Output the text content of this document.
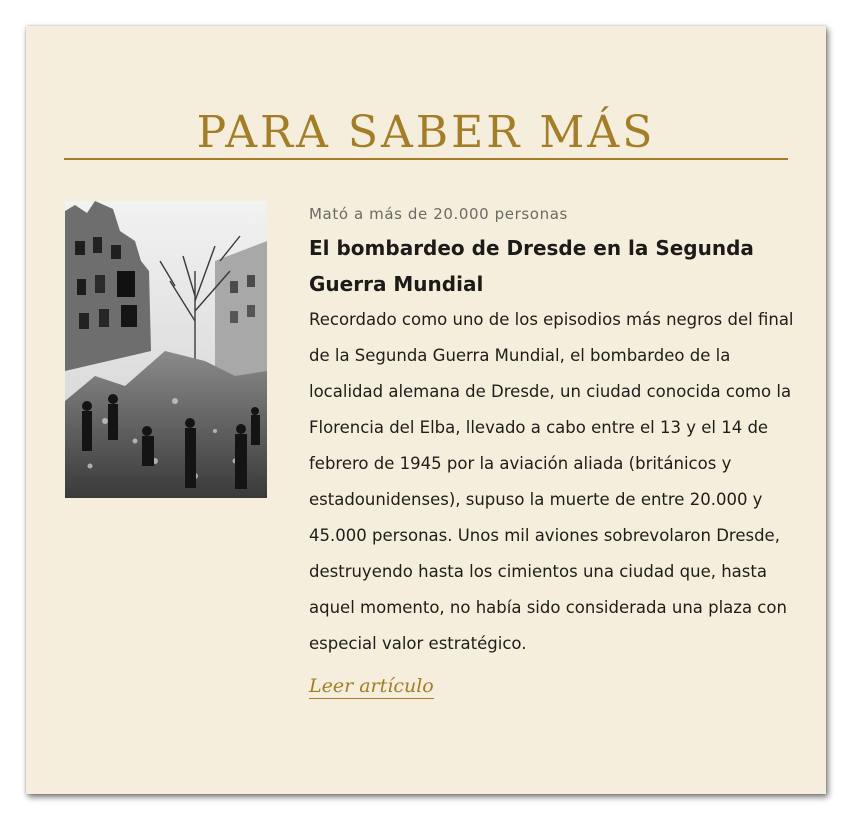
PARA SABER MÁS

Mató a más de 20.000 personas

El bombardeo de Dresde en la Segunda Guerra Mundial

Recordado como uno de los episodios más negros del final de la Segunda Guerra Mundial, el bombardeo de la localidad alemana de Dresde, un ciudad conocida como la Florencia del Elba, llevado a cabo entre el 13 y el 14 de febrero de 1945 por la aviación aliada (británicos y estadounidenses), supuso la muerte de entre 20.000 y 45.000 personas. Unos mil aviones sobrevolaron Dresde, destruyendo hasta los cimientos una ciudad que, hasta aquel momento, no había sido considerada una plaza con especial valor estratégico.

Leer artículo
